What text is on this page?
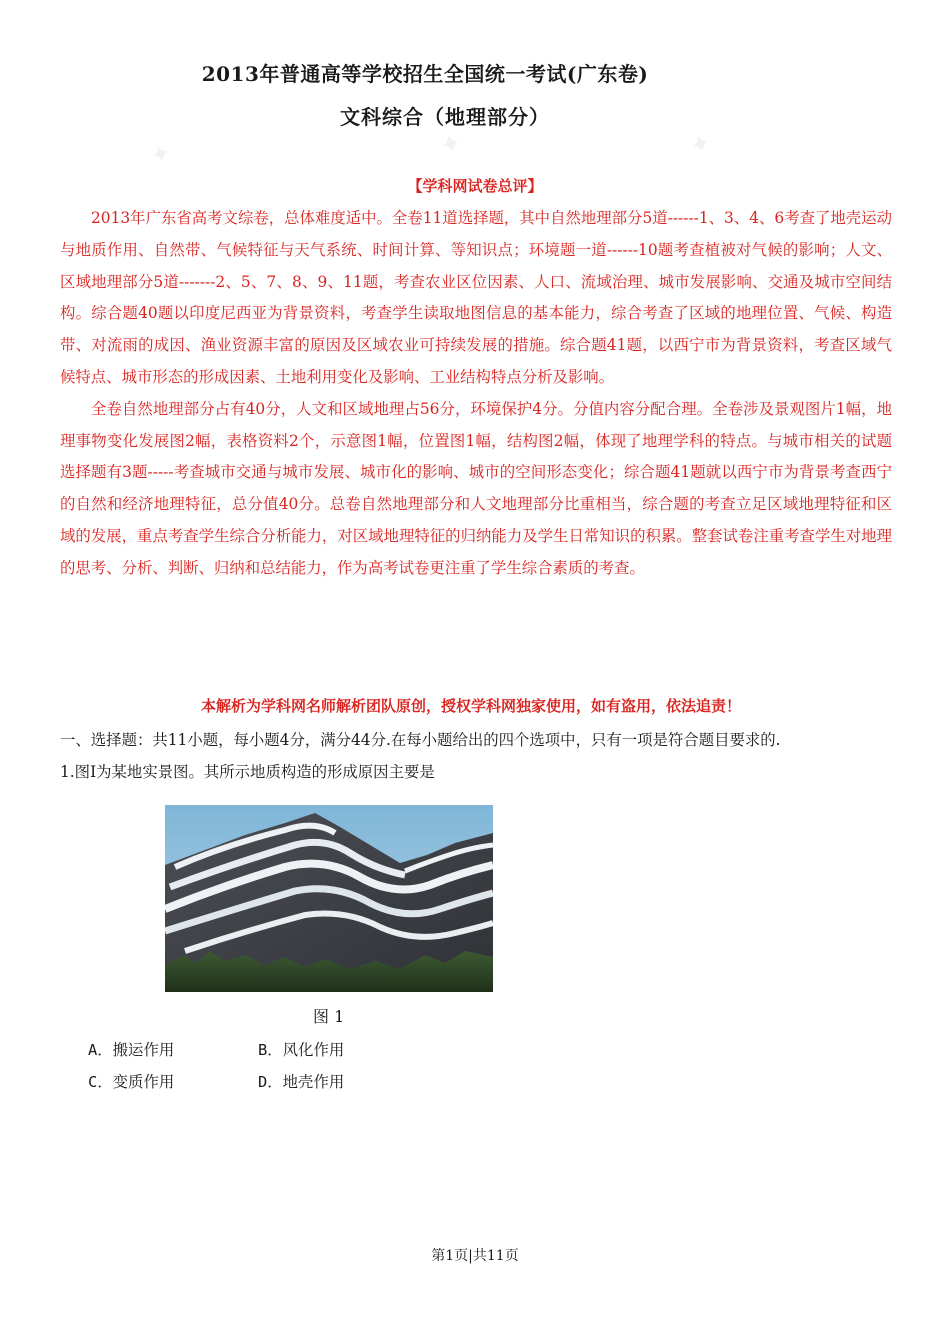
✦	✦	✦
2013年普通高等学校招生全国统一考试(广东卷)
文科综合（地理部分）
【学科网试卷总评】

2013年广东省高考文综卷，总体难度适中。全卷11道选择题，其中自然地理部分5道------1、3、4、6考查了地壳运动与地质作用、自然带、气候特征与天气系统、时间计算、等知识点；环境题一道------10题考查植被对气候的影响；人文、区域地理部分5道-------2、5、7、8、9、11题，考查农业区位因素、人口、流域治理、城市发展影响、交通及城市空间结构。综合题40题以印度尼西亚为背景资料，考查学生读取地图信息的基本能力，综合考查了区域的地理位置、气候、构造带、对流雨的成因、渔业资源丰富的原因及区域农业可持续发展的措施。综合题41题，以西宁市为背景资料，考查区域气候特点、城市形态的形成因素、土地利用变化及影响、工业结构特点分析及影响。

全卷自然地理部分占有40分，人文和区域地理占56分，环境保护4分。分值内容分配合理。全卷涉及景观图片1幅，地理事物变化发展图2幅，表格资料2个，示意图1幅，位置图1幅，结构图2幅，体现了地理学科的特点。与城市相关的试题选择题有3题-----考查城市交通与城市发展、城市化的影响、城市的空间形态变化；综合题41题就以西宁市为背景考查西宁的自然和经济地理特征，总分值40分。总卷自然地理部分和人文地理部分比重相当，综合题的考查立足区域地理特征和区域的发展，重点考查学生综合分析能力，对区域地理特征的归纳能力及学生日常知识的积累。整套试卷注重考查学生对地理的思考、分析、判断、归纳和总结能力，作为高考试卷更注重了学生综合素质的考查。

本解析为学科网名师解析团队原创，授权学科网独家使用，如有盗用，依法追责！
一、选择题：共11小题，每小题4分，满分44分.在每小题给出的四个选项中，只有一项是符合题目要求的.
1.图Ⅰ为某地实景图。其所示地质构造的形成原因主要是
图 1
A．搬运作用	B．风化作用
C．变质作用	D．地壳作用
第1页|共11页
